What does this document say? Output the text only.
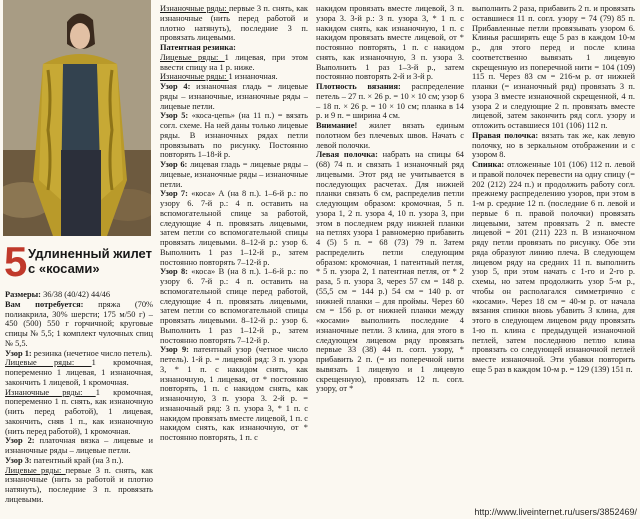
5 Удлиненный жилет с «косами»

Размеры: 36/38 (40/42) 44/46

Вам потребуется: пряжа (70% полиакрила, 30% шерсти; 175 м/50 г) – 450 (500) 550 г горчичной; круговые спицы № 5,5; 1 комплект чулочных спиц № 5,5.

Узор 1: резинка (нечетное число петель).

Лицевые ряды: 1 кромочная, попеременно 1 лицевая, 1 изнаночная, закончить 1 лицевой, 1 кромочная.

Изнаночные ряды: 1 кромочная, попеременно 1 п. снять, как изнаночную (нить перед работой), 1 лицевая, закончить, сняв 1 п., как изнаночную (нить перед работой), 1 кромочная.

Узор 2: платочная вязка – лицевые и изнаночные ряды – лицевые петли.

Узор 3: патентный край (на 3 п.).

Лицевые ряды: первые 3 п. снять, как изнаночные (нить за работой и плотно натянуть), последние 3 п. провязать лицевыми.

Изнаночные ряды: первые 3 п. снять, как изнаночные (нить перед работой и плотно натянуть), последние 3 п. провязать лицевыми.

Патентная резинка:

Лицевые ряды: 1 лицевая, при этом ввести спицу на 1 р. ниже.

Изнаночные ряды: 1 изнаночная.

Узор 4: изнаночная гладь = лицевые ряды – изнаночные, изнаночные ряды – лицевые петли.

Узор 5: «коса-цепь» (на 11 п.) = вязать согл. схеме. На ней даны только лицевые ряды. В изнаночных рядах петли провязывать по рисунку. Постоянно повторять 1–18-й р.

Узор 6: лицевая гладь = лицевые ряды – лицевые, изнаночные ряды – изнаночные петли.

Узор 7: «коса» А (на 8 п.). 1–6-й р.: по узору 6. 7-й р.: 4 п. оставить на вспомогательной спице за работой, следующие 4 п. провязать лицевыми, затем петли со вспомогательной спицы провязать лицевыми. 8–12-й р.: узор 6. Выполнить 1 раз 1–12-й р., затем постоянно повторять 7–12-й р.

Узор 8: «коса» В (на 8 п.). 1–6-й р.: по узору 6. 7-й р.: 4 п. оставить на вспомогательной спице перед работой, следующие 4 п. провязать лицевыми, затем петли со вспомогательной спицы провязать лицевыми. 8–12-й р.: узор 6. Выполнить 1 раз 1–12-й р., затем постоянно повторять 7–12-й р.

Узор 9: патентный узор (четное число петель). 1-й р. = лицевой ряд: 3 п. узора 3, * 1 п. с накидом снять, как изнаночную, 1 лицевая, от * постоянно повторять, 1 п. с накидом снять, как изнаночную, 3 п. узора 3. 2-й р. = изнаночный ряд: 3 п. узора 3, * 1 п. с накидом провязать вместе лицевой, 1 п. с накидом снять, как изнаночную, от * постоянно повторять, 1 п. с

накидом провязать вместе лицевой, 3 п. узора 3. 3-й р.: 3 п. узора 3, * 1 п. с накидом снять, как изнаночную, 1 п. с накидом провязать вместе лицевой, от * постоянно повторять, 1 п. с накидом снять, как изнаночную, 3 п. узора 3. Выполнить 1 раз 1–3-й р., затем постоянно повторять 2-й и 3-й р.

Плотность вязания: распределение петель – 27 п. × 26 р. = 10 × 10 см; узор 6 – 18 п. × 26 р. = 10 × 10 см; планка в 14 р. и 9 п. = ширина 4 см.

Внимание! жилет вязать единым полотном без плечевых швов. Начать с левой полочки.

Левая полочка: набрать на спицы 64 (68) 74 п. и связать 1 изнаночный ряд лицевыми. Этот ряд не учитывается в последующих расчетах. Для нижней планки связать 6 см, распределив петли следующим образом: кромочная, 5 п. узора 1, 2 п. узора 4, 10 п. узора 3, при этом в последнем ряду нижней планки на петлях узора 1 равномерно прибавить 4 (5) 5 п. = 68 (73) 79 п. Затем распределить петли следующим образом: кромочная, 1 патентный петля, * 5 п. узора 2, 1 патентная петля, от * 2 раза, 5 п. узора 3, через 57 см = 148 р. (55,5 см = 144 р.) 54 см = 140 р. от нижней планки – для проймы. Через 60 см = 156 р. от нижней планки между «косами» выполнить последние 4 изнаночные петли. 3 клина, для этого в следующем лицевом ряду провязать первые 33 (38) 44 п. согл. узору, * прибавить 2 п. (= из поперечной нити вывязать 1 лицевую и 1 лицевую скрещенную), провязать 12 п. согл. узору, от *

выполнить 2 раза, прибавить 2 п. и провязать оставшиеся 11 п. согл. узору = 74 (79) 85 п. Прибавленные петли провязывать узором 6. Клинья расширять еще 5 раз в каждом 10-м р., для этого перед и после клина соответственно вывязать 1 лицевую скрещенную из поперечной нити = 104 (109) 115 п. Через 83 см = 216-м р. от нижней планки (= изнаночный ряд) провязать 3 п. узора 3 вместе изнаночной скрещенной, 4 п. узора 2 и следующие 2 п. провязать вместе лицевой, затем закончить ряд согл. узору и отложить оставшиеся 101 (106) 112 п.

Правая полочка: вязать так же, как левую полочку, но в зеркальном отображении и с узором 8.

Спинка: отложенные 101 (106) 112 п. левой и правой полочек перевести на одну спицу (= 202 (212) 224 п.) и продолжить работу согл. прежнему распределению узоров, при этом в 1-м р. средние 12 п. (последние 6 п. левой и первые 6 п. правой полочки) провязать лицевыми, затем провязать 2 п. вместе лицевой = 201 (211) 223 п. В изнаночном ряду петли провязать по рисунку. Обе эти ряда образуют линию плеча. В следующем лицевом ряду на средних 11 п. выполнить узор 5, при этом начать с 1-го и 2-го р. схемы, но затем продолжить узор 5-м р., чтобы он располагался симметрично с «косами». Через 18 см = 40-м р. от начала вязания спинки вновь убавить 3 клина, для этого в следующем лицевом ряду провязать 1-ю п. клина с предыдущей изнаночной петлей, затем последнюю петлю клина провязать со следующей изнаночной петлей вместе изнаночной. Эти убавки повторить еще 5 раз в каждом 10-м р. = 129 (139) 151 п.

http://www.liveinternet.ru/users/3852469/
